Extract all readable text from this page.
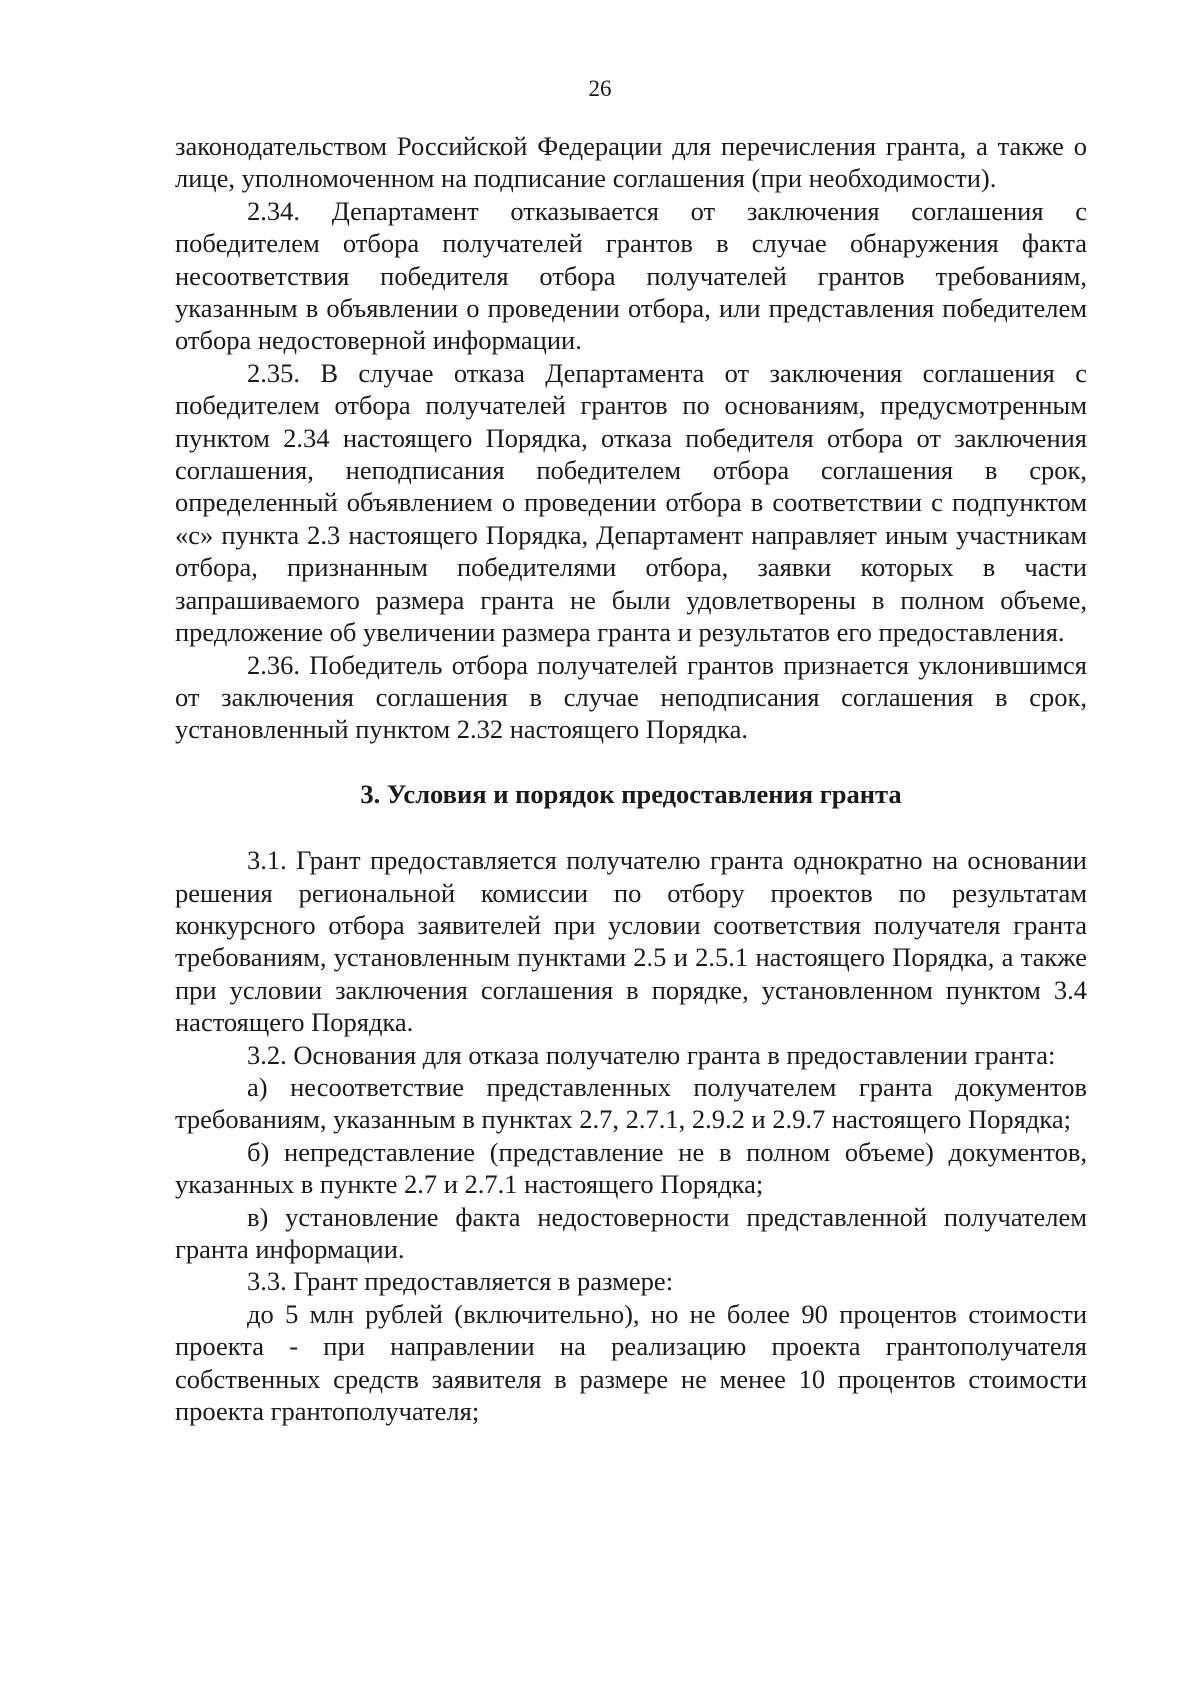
26

законодательством Российской Федерации для перечисления гранта, а также о лице, уполномоченном на подписание соглашения (при необходимости).

2.34. Департамент отказывается от заключения соглашения с победителем отбора получателей грантов в случае обнаружения факта несоответствия победителя отбора получателей грантов требованиям, указанным в объявлении о проведении отбора, или представления победителем отбора недостоверной информации.

2.35. В случае отказа Департамента от заключения соглашения с победителем отбора получателей грантов по основаниям, предусмотренным пунктом 2.34 настоящего Порядка, отказа победителя отбора от заключения соглашения, неподписания победителем отбора соглашения в срок, определенный объявлением о проведении отбора в соответствии с подпунктом «с» пункта 2.3 настоящего Порядка, Департамент направляет иным участникам отбора, признанным победителями отбора, заявки которых в части запрашиваемого размера гранта не были удовлетворены в полном объеме, предложение об увеличении размера гранта и результатов его предоставления.

2.36. Победитель отбора получателей грантов признается уклонившимся от заключения соглашения в случае неподписания соглашения в срок, установленный пунктом 2.32 настоящего Порядка.

3. Условия и порядок предоставления гранта

3.1. Грант предоставляется получателю гранта однократно на основании решения региональной комиссии по отбору проектов по результатам конкурсного отбора заявителей при условии соответствия получателя гранта требованиям, установленным пунктами 2.5 и 2.5.1 настоящего Порядка, а также при условии заключения соглашения в порядке, установленном пунктом 3.4 настоящего Порядка.

3.2. Основания для отказа получателю гранта в предоставлении гранта:

а) несоответствие представленных получателем гранта документов требованиям, указанным в пунктах 2.7, 2.7.1, 2.9.2 и 2.9.7 настоящего Порядка;

б) непредставление (представление не в полном объеме) документов, указанных в пункте 2.7 и 2.7.1 настоящего Порядка;

в) установление факта недостоверности представленной получателем гранта информации.

3.3. Грант предоставляется в размере:

до 5 млн рублей (включительно), но не более 90 процентов стоимости проекта - при направлении на реализацию проекта грантополучателя собственных средств заявителя в размере не менее 10 процентов стоимости проекта грантополучателя;
